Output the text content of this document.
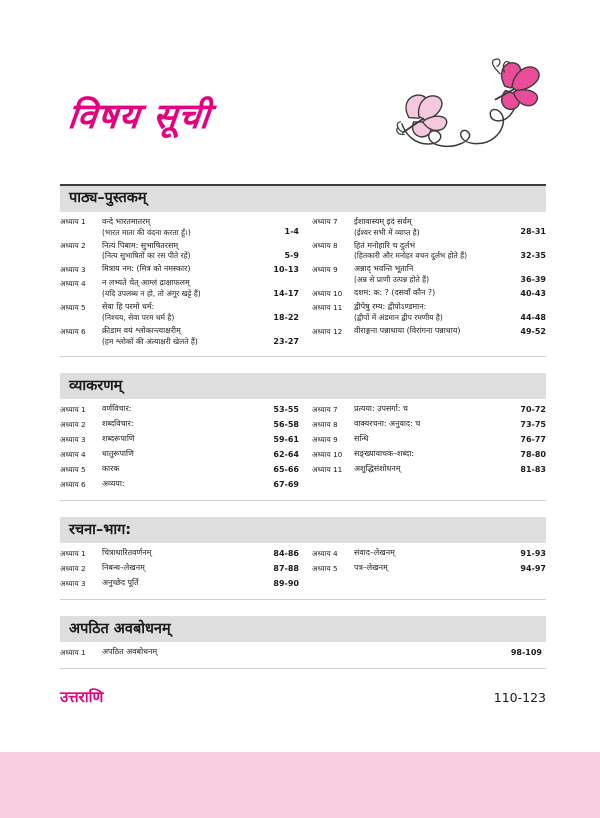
विषय सूची
पाठ्य–पुस्तकम्
अध्याय 1	वन्दे भारतमातरम्
(भारत माता की वंदना करता हूँ।)	1-4
अध्याय 2	नित्यं पिबाम: सुभाषितरसम्
(नित्य सुभाषितों का रस पीते रहें)	5-9
अध्याय 3	मित्राय नम: (मित्र को नमस्कार)	10-13
अध्याय 4	न लभ्यते चेत् आम्लं द्राक्षाफलम्
(यदि उपलब्ध न हो, तो अंगूर खट्टे हैं)	14-17
अध्याय 5	सेवा हि परमो धर्म:
(निश्चय, सेवा परम धर्म है)	18-22
अध्याय 6	क्रीडाम वयं श्लोकान्त्याक्षरीम्
(हम श्लोकों की अंत्याक्षरी खेलते हैं)	23-27
अध्याय 7	ईशावास्यम् इदं सर्वम्
(ईश्वर सभी में व्याप्त है)	28-31
अध्याय 8	हितं मनोहारि च दुर्लभं
(हितकारी और मनोहर वचन दुर्लभ होते हैं)	32-35
अध्याय 9	अन्नाद् भवन्ति भूतानि
(अन्न से प्राणी उत्पन्न होते हैं)	36-39
अध्याय 10	दशम: क: ? (दसवाँ कौन ?)	40-43
अध्याय 11	द्वीपेषु रम्य: द्वीपोऽण्डमान:
(द्वीपों में अंडमान द्वीप रमणीय है)	44-48
अध्याय 12	वीराङ्गना पन्नाधाया (विरांगना पन्नाधाय)	49-52
व्याकरणम्
अध्याय 1	वर्णविचार:	53-55
अध्याय 2	शब्दविचार:	56-58
अध्याय 3	शब्दरूपाणि	59-61
अध्याय 4	धातुरूपाणि	62-64
अध्याय 5	कारक	65-66
अध्याय 6	अव्यया:	67-69
अध्याय 7	प्रत्यया: उपसर्गा: च	70-72
अध्याय 8	वाक्यरचना: अनुवाद: च	73-75
अध्याय 9	सन्धि	76-77
अध्याय 10	सङ्ख्यावाचक–शब्दा:	78-80
अध्याय 11	अशुद्धिसंशोधनम्	81-83
रचना–भाग:
अध्याय 1	चित्राधारितवर्णनम्	84-86
अध्याय 2	निबन्ध–लेखनम्	87-88
अध्याय 3	अनुच्छेद पूर्ति	89-90
अध्याय 4	संवाद–लेखनम्	91-93
अध्याय 5	पत्र–लेखनम्	94-97
अपठित अवबोधनम्
अध्याय 1	अपठित अवबोधनम्	98-109
उत्तराणि	110-123
